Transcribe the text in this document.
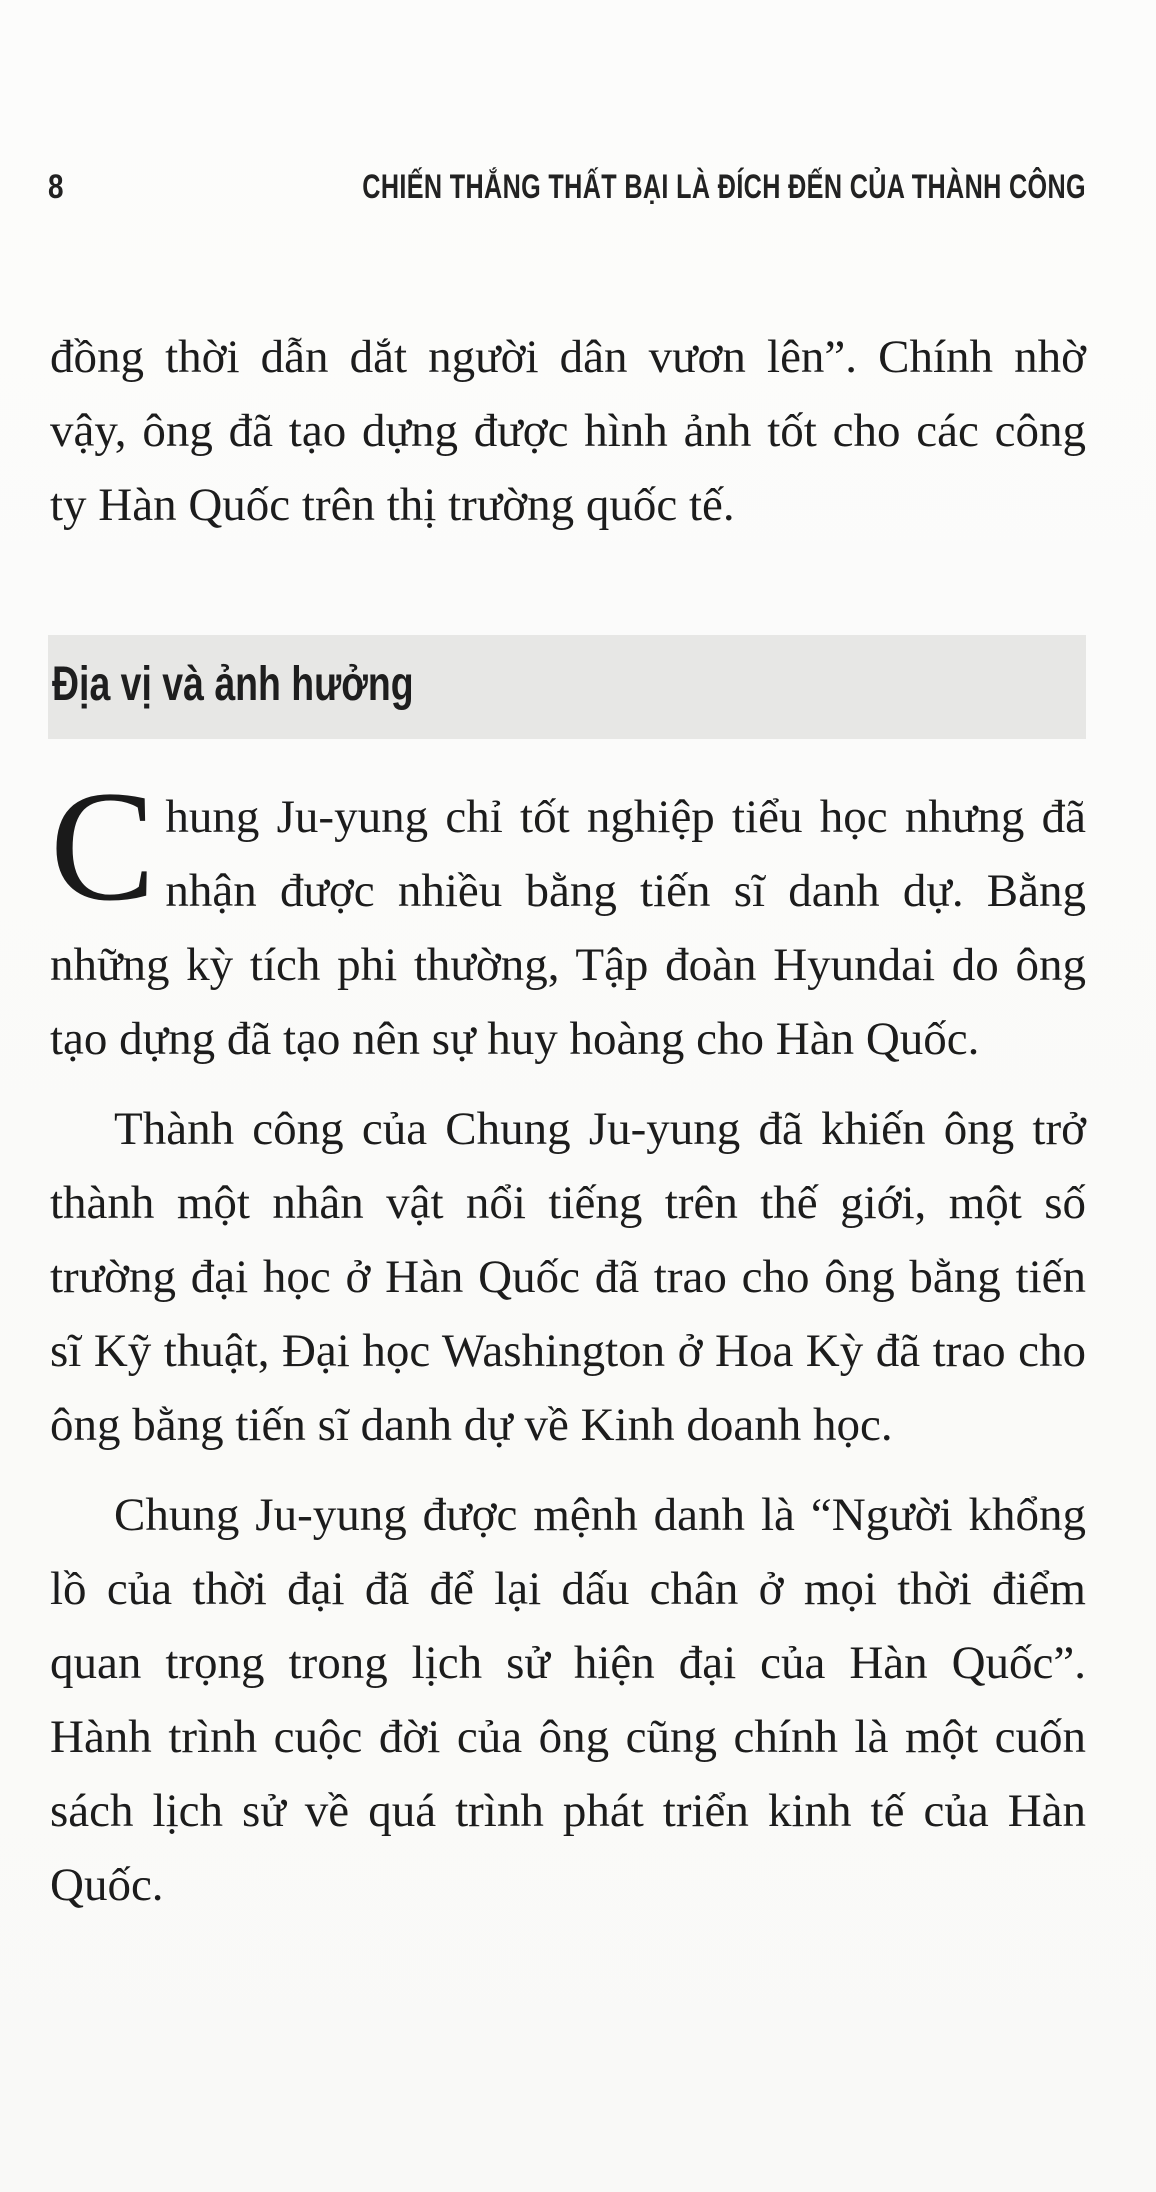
8	CHIẾN THẮNG THẤT BẠI LÀ ĐÍCH ĐẾN CỦA THÀNH CÔNG

đồng thời dẫn dắt người dân vươn lên”. Chính nhờ vậy, ông đã tạo dựng được hình ảnh tốt cho các công ty Hàn Quốc trên thị trường quốc tế.

Địa vị và ảnh hưởng

Chung Ju-yung chỉ tốt nghiệp tiểu học nhưng đã nhận được nhiều bằng tiến sĩ danh dự. Bằng những kỳ tích phi thường, Tập đoàn Hyundai do ông tạo dựng đã tạo nên sự huy hoàng cho Hàn Quốc.

Thành công của Chung Ju-yung đã khiến ông trở thành một nhân vật nổi tiếng trên thế giới, một số trường đại học ở Hàn Quốc đã trao cho ông bằng tiến sĩ Kỹ thuật, Đại học Washington ở Hoa Kỳ đã trao cho ông bằng tiến sĩ danh dự về Kinh doanh học.

Chung Ju-yung được mệnh danh là “Người khổng lồ của thời đại đã để lại dấu chân ở mọi thời điểm quan trọng trong lịch sử hiện đại của Hàn Quốc”. Hành trình cuộc đời của ông cũng chính là một cuốn sách lịch sử về quá trình phát triển kinh tế của Hàn Quốc.
